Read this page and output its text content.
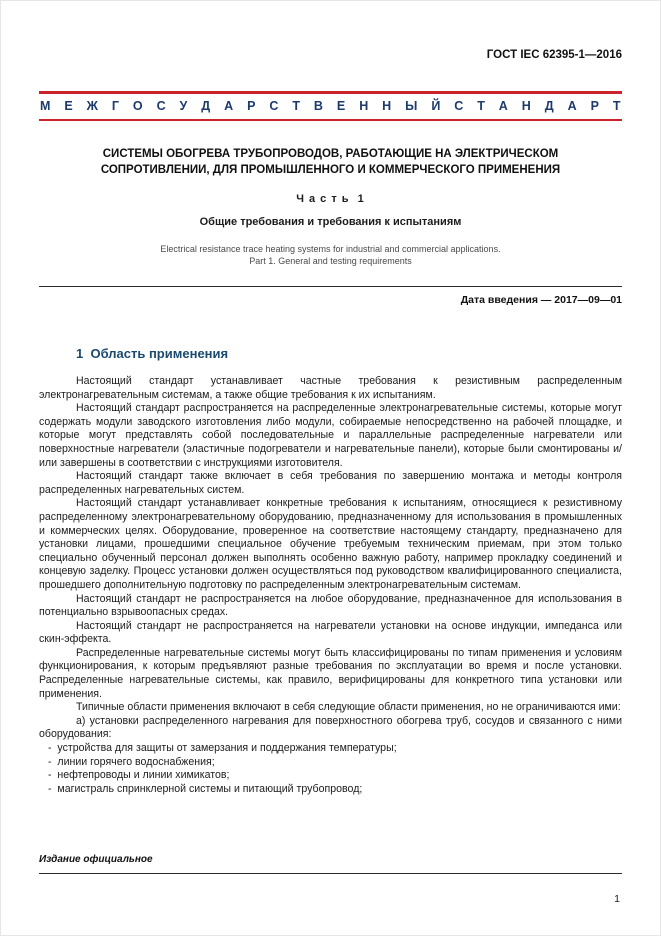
ГОСТ IEC 62395-1—2016
М Е Ж Г О С У Д А Р С Т В Е Н Н Ы Й С Т А Н Д А Р Т
СИСТЕМЫ ОБОГРЕВА ТРУБОПРОВОДОВ, РАБОТАЮЩИЕ НА ЭЛЕКТРИЧЕСКОМ СОПРОТИВЛЕНИИ, ДЛЯ ПРОМЫШЛЕННОГО И КОММЕРЧЕСКОГО ПРИМЕНЕНИЯ
Ч а с т ь  1
Общие требования и требования к испытаниям
Electrical resistance trace heating systems for industrial and commercial applications.
Part 1. General and testing requirements
Дата введения — 2017—09—01
1  Область применения

Настоящий стандарт устанавливает частные требования к резистивным распределенным электронагревательным системам, а также общие требования к их испытаниям.

Настоящий стандарт распространяется на распределенные электронагревательные системы, которые могут содержать модули заводского изготовления либо модули, собираемые непосредственно на рабочей площадке, и которые могут представлять собой последовательные и параллельные распределенные нагреватели или поверхностные нагреватели (эластичные подогреватели и нагревательные панели), которые были смонтированы и/или завершены в соответствии с инструкциями изготовителя.

Настоящий стандарт также включает в себя требования по завершению монтажа и методы контроля распределенных нагревательных систем.

Настоящий стандарт устанавливает конкретные требования к испытаниям, относящиеся к резистивному распределенному электронагревательному оборудованию, предназначенному для использования в промышленных и коммерческих целях. Оборудование, проверенное на соответствие настоящему стандарту, предназначено для установки лицами, прошедшими специальное обучение требуемым техническим приемам, при этом только специально обученный персонал должен выполнять особенно важную работу, например прокладку соединений и концевую заделку. Процесс установки должен осуществляться под руководством квалифицированного специалиста, прошедшего дополнительную подготовку по распределенным электронагревательным системам.

Настоящий стандарт не распространяется на любое оборудование, предназначенное для использования в потенциально взрывоопасных средах.

Настоящий стандарт не распространяется на нагреватели установки на основе индукции, импеданса или скин-эффекта.

Распределенные нагревательные системы могут быть классифицированы по типам применения и условиям функционирования, к которым предъявляют разные требования по эксплуатации во время и после установки. Распределенные нагревательные системы, как правило, верифицированы для конкретного типа установки или применения.

Типичные области применения включают в себя следующие области применения, но не ограничиваются ими:

а) установки распределенного нагревания для поверхностного обогрева труб, сосудов и связанного с ними оборудования:

-  устройства для защиты от замерзания и поддержания температуры;

-  линии горячего водоснабжения;

-  нефтепроводы и линии химикатов;

-  магистраль спринклерной системы и питающий трубопровод;

Издание официальное
1
